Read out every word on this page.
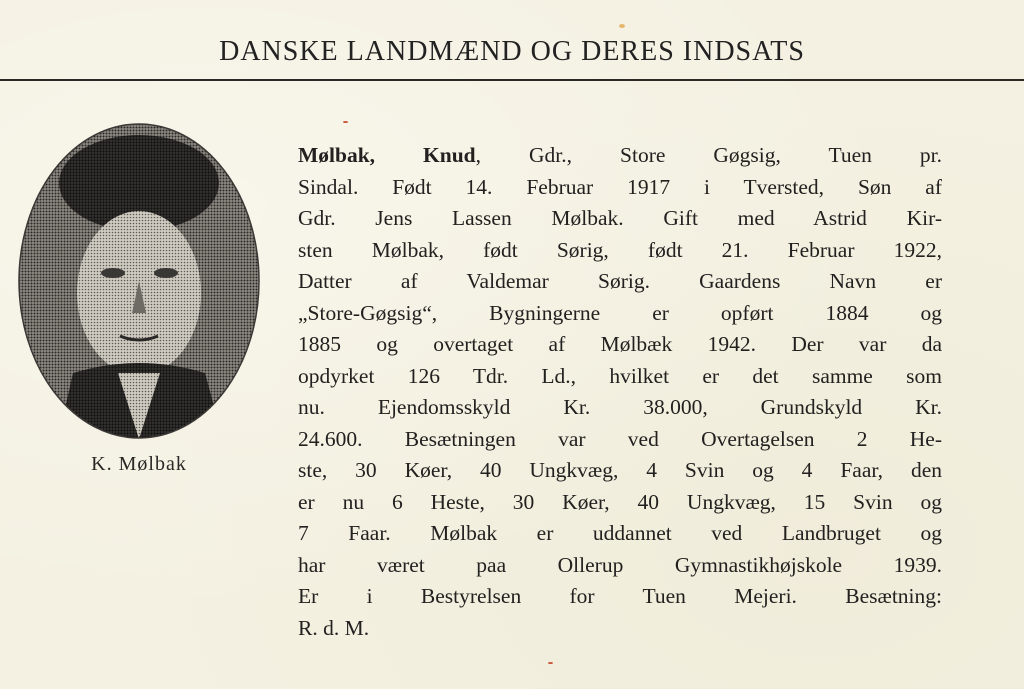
DANSKE LANDMÆND OG DERES INDSATS
K. Mølbak
Mølbak, Knud, Gdr., Store Gøgsig, Tuen pr.
Sindal. Født 14. Februar 1917 i Tversted, Søn af
Gdr. Jens Lassen Mølbak. Gift med Astrid Kir-
sten Mølbak, født Sørig, født 21. Februar 1922,
Datter af Valdemar Sørig. Gaardens Navn er
„Store-Gøgsig“, Bygningerne er opført 1884 og
1885 og overtaget af Mølbæk 1942. Der var da
opdyrket 126 Tdr. Ld., hvilket er det samme som
nu. Ejendomsskyld Kr. 38.000, Grundskyld Kr.
24.600. Besætningen var ved Overtagelsen 2 He-
ste, 30 Køer, 40 Ungkvæg, 4 Svin og 4 Faar, den
er nu 6 Heste, 30 Køer, 40 Ungkvæg, 15 Svin og
7 Faar. Mølbak er uddannet ved Landbruget og
har været paa Ollerup Gymnastikhøjskole 1939.
Er i Bestyrelsen for Tuen Mejeri. Besætning:
R. d. M.
